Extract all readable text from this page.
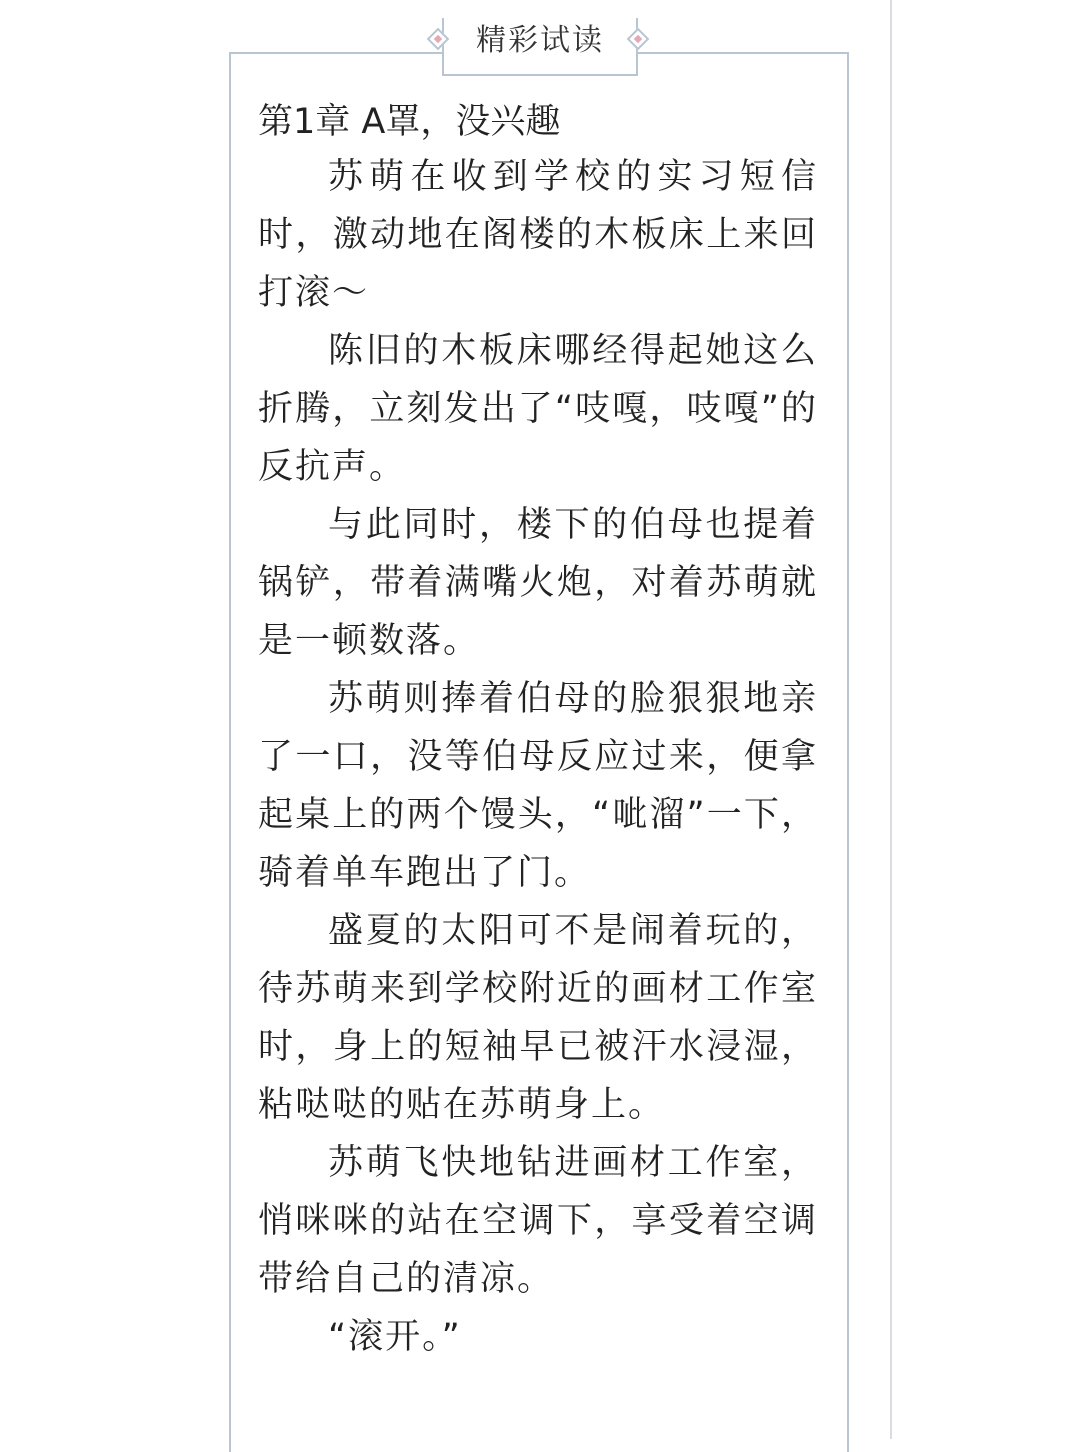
精彩试读
第1章 A罩，没兴趣

苏萌在收到学校的实习短信时，激动地在阁楼的木板床上来回打滚～

陈旧的木板床哪经得起她这么折腾，立刻发出了“吱嘎，吱嘎”的反抗声。

与此同时，楼下的伯母也提着锅铲，带着满嘴火炮，对着苏萌就是一顿数落。

苏萌则捧着伯母的脸狠狠地亲了一口，没等伯母反应过来，便拿起桌上的两个馒头，“呲溜”一下，骑着单车跑出了门。

盛夏的太阳可不是闹着玩的，待苏萌来到学校附近的画材工作室时，身上的短袖早已被汗水浸湿，粘哒哒的贴在苏萌身上。

苏萌飞快地钻进画材工作室，悄咪咪的站在空调下，享受着空调带给自己的清凉。

“滚开。”
